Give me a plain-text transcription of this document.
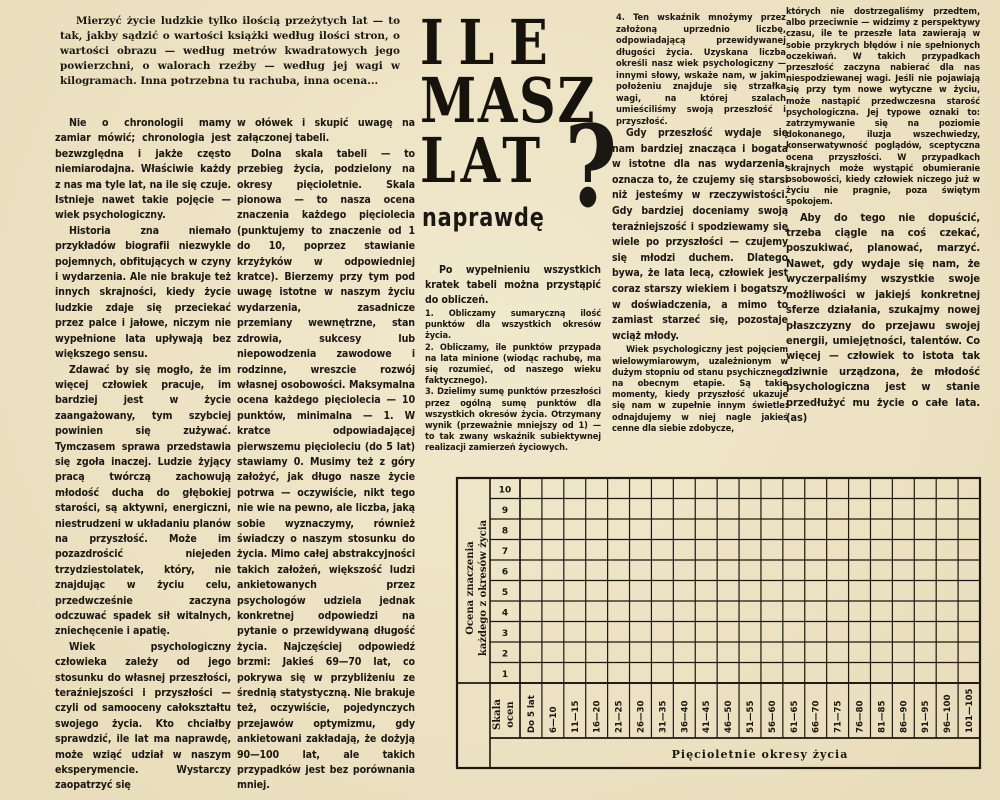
Mierzyć życie ludzkie tylko ilością przeżytych lat — to tak, jakby sądzić o wartości książki według ilości stron, o wartości obrazu — według metrów kwadratowych jego powierzchni, o walorach rzeźby — według jej wagi w kilogramach. Inna potrzebna tu rachuba, inna ocena...

ILE
MASZ
LAT ?
naprawdę

Nie o chronologii mamy zamiar mówić; chronologia jest bezwzględna i jakże często niemiarodajna. Właściwie każdy z nas ma tyle lat, na ile się czuje. Istnieje nawet takie pojęcie — wiek psychologiczny.

Historia zna niemało przykładów biografii niezwykle pojemnych, obfitujących w czyny i wydarzenia. Ale nie brakuje też innych skrajności, kiedy życie ludzkie zdaje się przeciekać przez palce i jałowe, niczym nie wypełnione lata upływają bez większego sensu.

Zdawać by się mogło, że im więcej człowiek pracuje, im bardziej jest w życie zaangażowany, tym szybciej powinien się zużywać. Tymczasem sprawa przedstawia się zgoła inaczej. Ludzie żyjący pracą twórczą zachowują młodość ducha do głębokiej starości, są aktywni, energiczni, niestrudzeni w układaniu planów na przyszłość. Może im pozazdrościć niejeden trzydziestolatek, który, nie znajdując w życiu celu, przedwcześnie zaczyna odczuwać spadek sił witalnych, zniechęcenie i apatię.

Wiek psychologiczny człowieka zależy od jego stosunku do własnej przeszłości, teraźniejszości i przyszłości — czyli od samooceny całokształtu swojego życia. Kto chciałby sprawdzić, ile lat ma naprawdę, może wziąć udział w naszym eksperymencie. Wystarczy zaopatrzyć się

w ołówek i skupić uwagę na załączonej tabeli.

Dolna skala tabeli — to przebieg życia, podzielony na okresy pięcioletnie. Skala pionowa — to nasza ocena znaczenia każdego pięciolecia (punktujemy to znaczenie od 1 do 10, poprzez stawianie krzyżyków w odpowiedniej kratce). Bierzemy przy tym pod uwagę istotne w naszym życiu wydarzenia, zasadnicze przemiany wewnętrzne, stan zdrowia, sukcesy lub niepowodzenia zawodowe i rodzinne, wreszcie rozwój własnej osobowości. Maksymalna ocena każdego pięciolecia — 10 punktów, minimalna — 1. W kratce odpowiadającej pierwszemu pięcioleciu (do 5 lat) stawiamy 0. Musimy też z góry założyć, jak długo nasze życie potrwa — oczywiście, nikt tego nie wie na pewno, ale liczba, jaką sobie wyznaczymy, również świadczy o naszym stosunku do życia. Mimo całej abstrakcyjności takich założeń, większość ludzi ankietowanych przez psychologów udziela jednak konkretnej odpowiedzi na pytanie o przewidywaną długość życia. Najczęściej odpowiedź brzmi: Jakieś 69—70 lat, co pokrywa się w przybliżeniu ze średnią statystyczną. Nie brakuje też, oczywiście, pojedynczych przejawów optymizmu, gdy ankietowani zakładają, że dożyją 90—100 lat, ale takich przypadków jest bez porównania mniej.

Po wypełnieniu wszystkich kratek tabeli można przystąpić do obliczeń.

1. Obliczamy sumaryczną ilość punktów dla wszystkich okresów życia.
2. Obliczamy, ile punktów przypada na lata minione (wiodąc rachubę, ma się rozumieć, od naszego wieku faktycznego).
3. Dzielimy sumę punktów przeszłości przez ogólną sumę punktów dla wszystkich okresów życia. Otrzymany wynik (przeważnie mniejszy od 1) — to tak zwany wskaźnik subiektywnej realizacji zamierzeń życiowych.

4. Ten wskaźnik mnożymy przez założoną uprzednio liczbę, odpowiadającą przewidywanej długości życia. Uzyskana liczba określi nasz wiek psychologiczny — innymi słowy, wskaże nam, w jakim położeniu znajduje się strzałka wagi, na której szalach umieściliśmy swoją przeszłość i przyszłość.

Gdy przeszłość wydaje się nam bardziej znacząca i bogata w istotne dla nas wydarzenia, oznacza to, że czujemy się starsi niż jesteśmy w rzeczywistości. Gdy bardziej doceniamy swoją teraźniejszość i spodziewamy się wiele po przyszłości — czujemy się młodzi duchem. Dlatego bywa, że lata lecą, człowiek jest coraz starszy wiekiem i bogatszy w doświadczenia, a mimo to zamiast starzeć się, pozostaje wciąż młody.

Wiek psychologiczny jest pojęciem wielowymiarowym, uzależnionym w dużym stopniu od stanu psychicznego na obecnym etapie. Są takie momenty, kiedy przyszłość ukazuje się nam w zupełnie innym świetle: odnajdujemy w niej nagle jakieś cenne dla siebie zdobycze,

których nie dostrzegaliśmy przedtem, albo przeciwnie — widzimy z perspektywy czasu, ile te przeszłe lata zawierają w sobie przykrych błędów i nie spełnionych oczekiwań. W takich przypadkach przeszłość zaczyna nabierać dla nas niespodziewanej wagi. Jeśli nie pojawiają się przy tym nowe wytyczne w życiu, może nastąpić przedwczesna starość psychologiczna. Jej typowe oznaki to: zatrzymywanie się na poziomie dokonanego, iluzja wszechwiedzy, konserwatywność poglądów, sceptyczna ocena przyszłości. W przypadkach skrajnych może wystąpić obumieranie osobowości, kiedy człowiek niczego już w życiu nie pragnie, poza świętym spokojem.

Aby do tego nie dopuścić, trzeba ciągle na coś czekać, poszukiwać, planować, marzyć. Nawet, gdy wydaje się nam, że wyczerpaliśmy wszystkie swoje możliwości w jakiejś konkretnej sferze działania, szukajmy nowej płaszczyzny do przejawu swojej energii, umiejętności, talentów. Co więcej — człowiek to istota tak dziwnie urządzona, że młodość psychologiczna jest w stanie przedłużyć mu życie o całe lata. (as)

10
9
8
7
6
5
4
3
2
1
Do 5 lat 6—10 11—15 16—20 21—25 26—30 31—35 36—40 41—45 46—50 51—55 56—60 61—65 66—70 71—75 76—80 81—85 86—90 91—95 96—100 101—105
Ocena znaczenia każdego z okresów życia
Skala ocen
Pięcioletnie okresy życia
